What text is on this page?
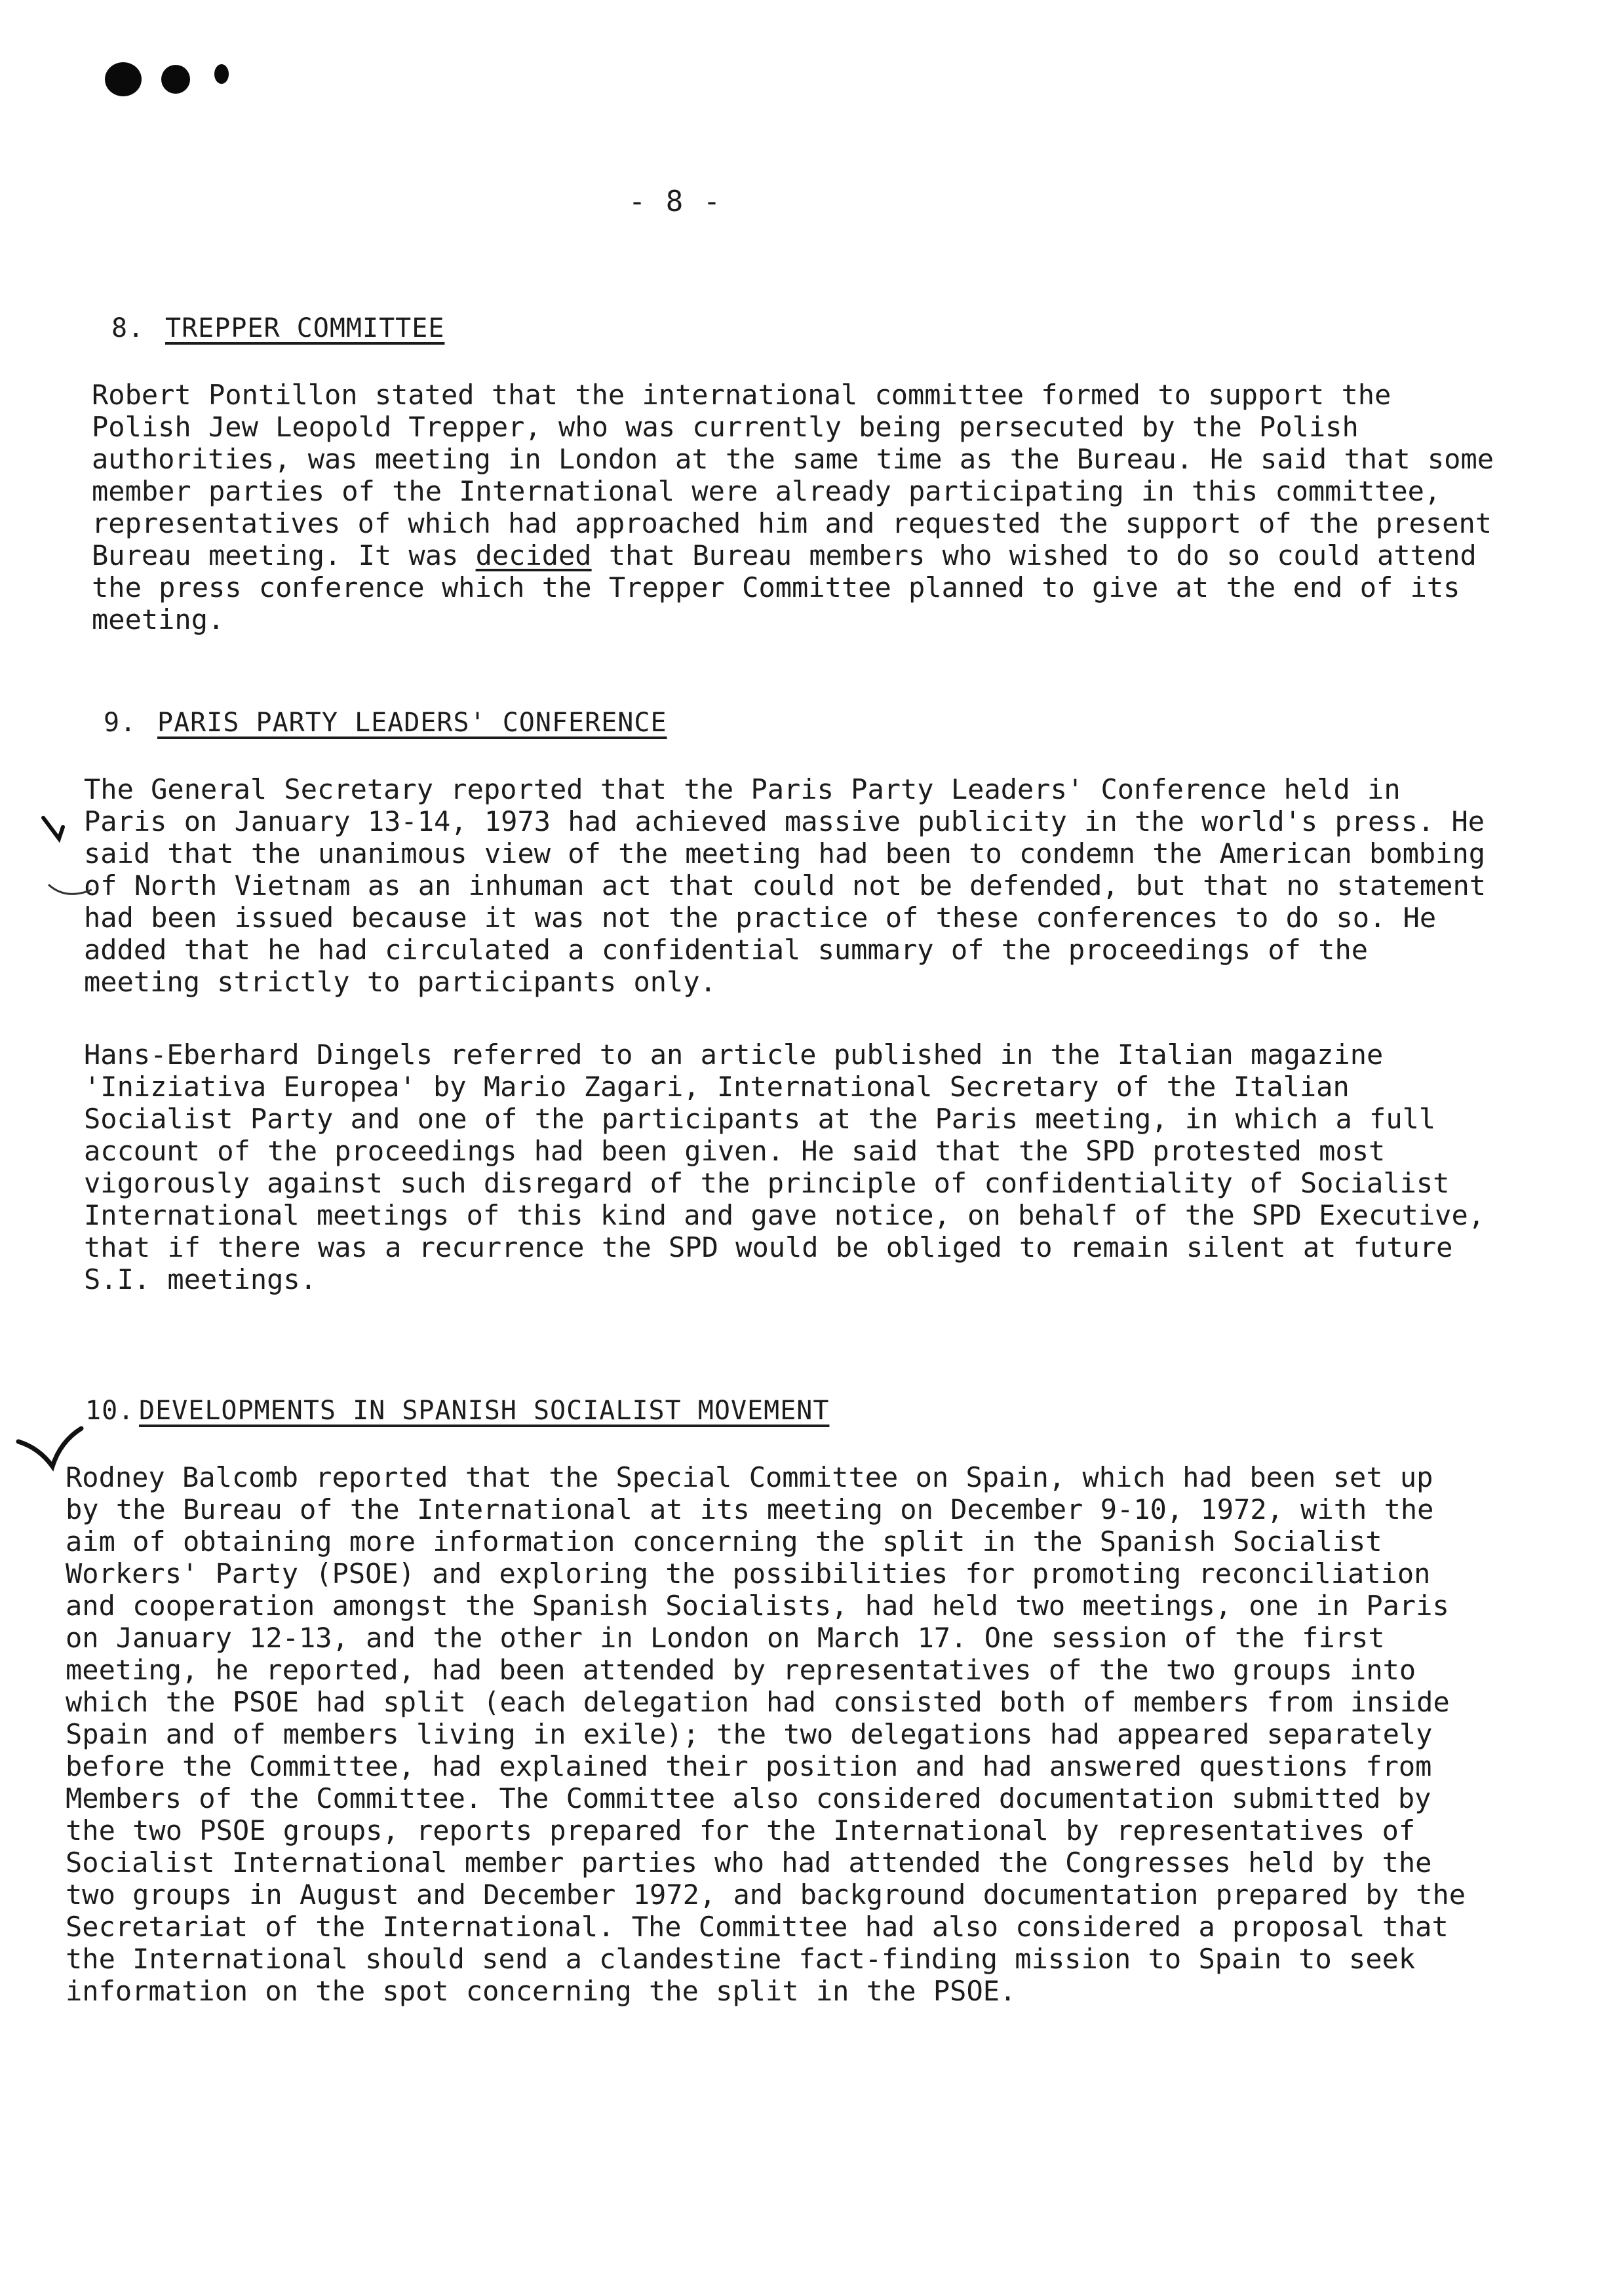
- 8 -
8. TREPPER COMMITTEE
Robert Pontillon stated that the international committee formed to support the Polish Jew Leopold Trepper, who was currently being persecuted by the Polish authorities, was meeting in London at the same time as the Bureau. He said that some member parties of the International were already participating in this committee, representatives of which had approached him and requested the support of the present Bureau meeting. It was decided that Bureau members who wished to do so could attend the press conference which the Trepper Committee planned to give at the end of its meeting.
9. PARIS PARTY LEADERS' CONFERENCE
The General Secretary reported that the Paris Party Leaders' Conference held in Paris on January 13-14, 1973 had achieved massive publicity in the world's press. He said that the unanimous view of the meeting had been to condemn the American bombing of North Vietnam as an inhuman act that could not be defended, but that no statement had been issued because it was not the practice of these conferences to do so. He added that he had circulated a confidential summary of the proceedings of the meeting strictly to participants only.
Hans-Eberhard Dingels referred to an article published in the Italian magazine 'Iniziativa Europea' by Mario Zagari, International Secretary of the Italian Socialist Party and one of the participants at the Paris meeting, in which a full account of the proceedings had been given. He said that the SPD protested most vigorously against such disregard of the principle of confidentiality of Socialist International meetings of this kind and gave notice, on behalf of the SPD Executive, that if there was a recurrence the SPD would be obliged to remain silent at future S.I. meetings.
10. DEVELOPMENTS IN SPANISH SOCIALIST MOVEMENT
Rodney Balcomb reported that the Special Committee on Spain, which had been set up by the Bureau of the International at its meeting on December 9-10, 1972, with the aim of obtaining more information concerning the split in the Spanish Socialist Workers' Party (PSOE) and exploring the possibilities for promoting reconciliation and cooperation amongst the Spanish Socialists, had held two meetings, one in Paris on January 12-13, and the other in London on March 17. One session of the first meeting, he reported, had been attended by representatives of the two groups into which the PSOE had split (each delegation had consisted both of members from inside Spain and of members living in exile); the two delegations had appeared separately before the Committee, had explained their position and had answered questions from Members of the Committee. The Committee also considered documentation submitted by the two PSOE groups, reports prepared for the International by representatives of Socialist International member parties who had attended the Congresses held by the two groups in August and December 1972, and background documentation prepared by the Secretariat of the International. The Committee had also considered a proposal that the International should send a clandestine fact-finding mission to Spain to seek information on the spot concerning the split in the PSOE.
